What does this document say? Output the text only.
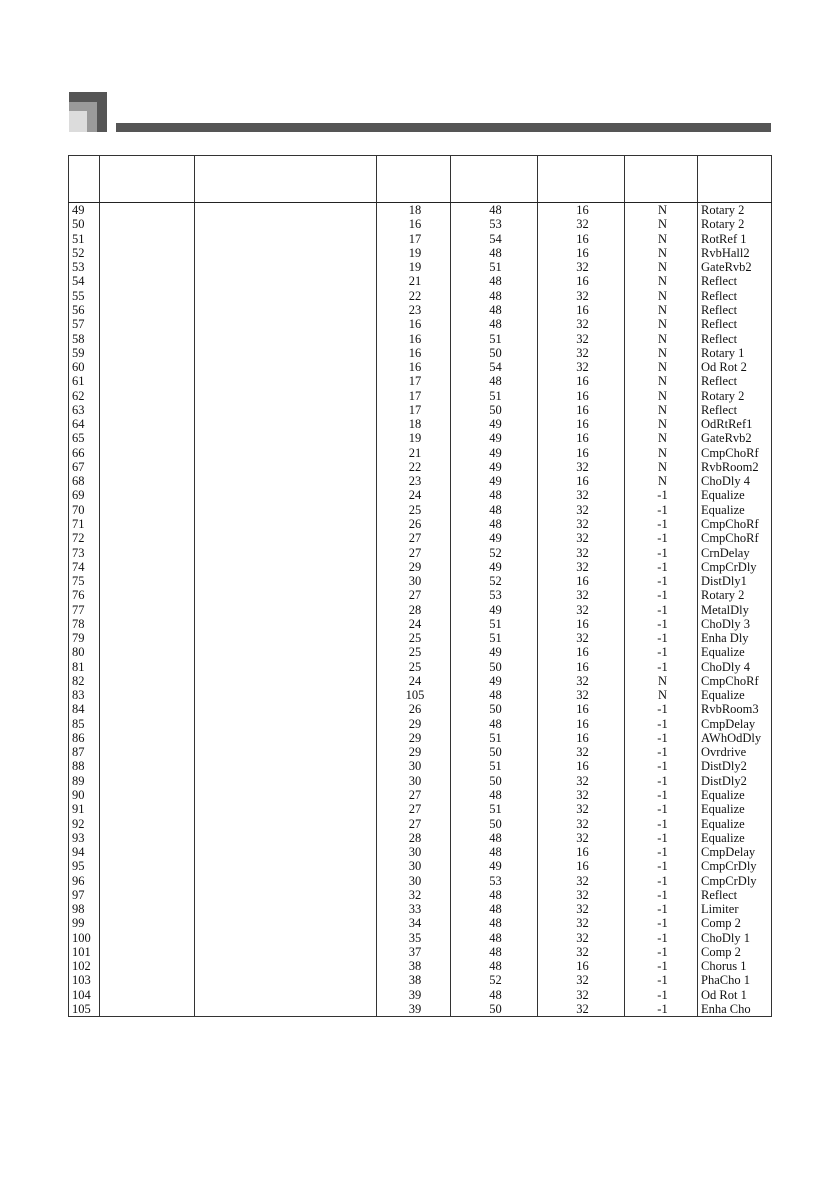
49			18	48	16	N	Rotary 2
50			16	53	32	N	Rotary 2
51			17	54	16	N	RotRef 1
52			19	48	16	N	RvbHall2
53			19	51	32	N	GateRvb2
54			21	48	16	N	Reflect
55			22	48	32	N	Reflect
56			23	48	16	N	Reflect
57			16	48	32	N	Reflect
58			16	51	32	N	Reflect
59			16	50	32	N	Rotary 1
60			16	54	32	N	Od Rot 2
61			17	48	16	N	Reflect
62			17	51	16	N	Rotary 2
63			17	50	16	N	Reflect
64			18	49	16	N	OdRtRef1
65			19	49	16	N	GateRvb2
66			21	49	16	N	CmpChoRf
67			22	49	32	N	RvbRoom2
68			23	49	16	N	ChoDly 4
69			24	48	32	-1	Equalize
70			25	48	32	-1	Equalize
71			26	48	32	-1	CmpChoRf
72			27	49	32	-1	CmpChoRf
73			27	52	32	-1	CrnDelay
74			29	49	32	-1	CmpCrDly
75			30	52	16	-1	DistDly1
76			27	53	32	-1	Rotary 2
77			28	49	32	-1	MetalDly
78			24	51	16	-1	ChoDly 3
79			25	51	32	-1	Enha Dly
80			25	49	16	-1	Equalize
81			25	50	16	-1	ChoDly 4
82			24	49	32	N	CmpChoRf
83			105	48	32	N	Equalize
84			26	50	16	-1	RvbRoom3
85			29	48	16	-1	CmpDelay
86			29	51	16	-1	AWhOdDly
87			29	50	32	-1	Ovrdrive
88			30	51	16	-1	DistDly2
89			30	50	32	-1	DistDly2
90			27	48	32	-1	Equalize
91			27	51	32	-1	Equalize
92			27	50	32	-1	Equalize
93			28	48	32	-1	Equalize
94			30	48	16	-1	CmpDelay
95			30	49	16	-1	CmpCrDly
96			30	53	32	-1	CmpCrDly
97			32	48	32	-1	Reflect
98			33	48	32	-1	Limiter
99			34	48	32	-1	Comp 2
100			35	48	32	-1	ChoDly 1
101			37	48	32	-1	Comp 2
102			38	48	16	-1	Chorus 1
103			38	52	32	-1	PhaCho 1
104			39	48	32	-1	Od Rot 1
105			39	50	32	-1	Enha Cho
